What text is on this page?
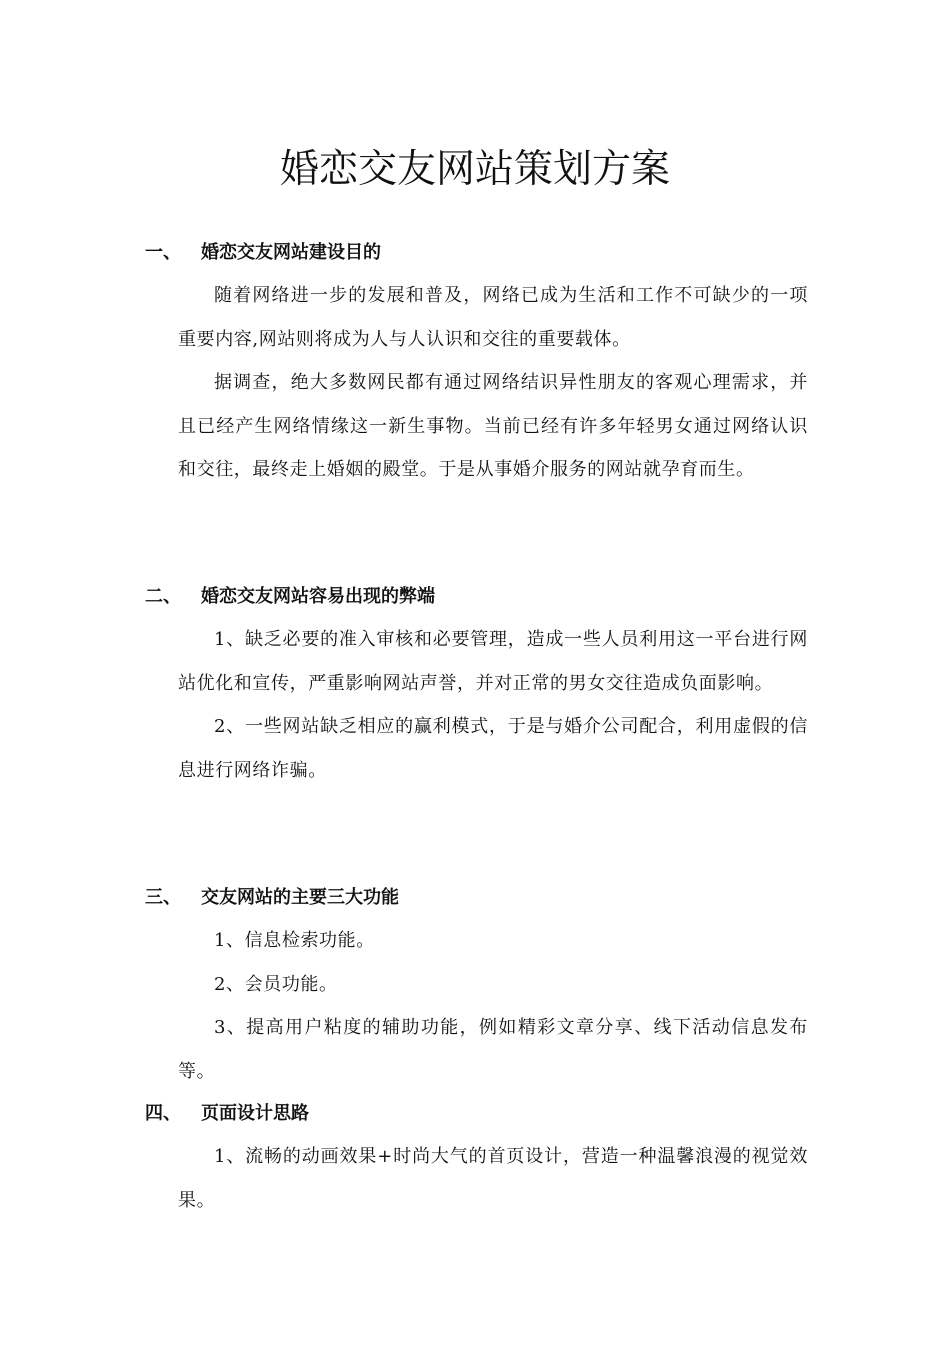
婚恋交友网站策划方案
一、 婚恋交友网站建设目的

随着网络进一步的发展和普及，网络已成为生活和工作不可缺少的一项重要内容,网站则将成为人与人认识和交往的重要载体。

据调查，绝大多数网民都有通过网络结识异性朋友的客观心理需求，并且已经产生网络情缘这一新生事物。当前已经有许多年轻男女通过网络认识和交往，最终走上婚姻的殿堂。于是从事婚介服务的网站就孕育而生。

二、 婚恋交友网站容易出现的弊端

1、缺乏必要的准入审核和必要管理，造成一些人员利用这一平台进行网站优化和宣传，严重影响网站声誉，并对正常的男女交往造成负面影响。

2、一些网站缺乏相应的赢利模式，于是与婚介公司配合，利用虚假的信息进行网络诈骗。

三、 交友网站的主要三大功能

1、信息检索功能。

2、会员功能。

3、提高用户粘度的辅助功能，例如精彩文章分享、线下活动信息发布等。

四、 页面设计思路

1、流畅的动画效果+时尚大气的首页设计，营造一种温馨浪漫的视觉效果。
